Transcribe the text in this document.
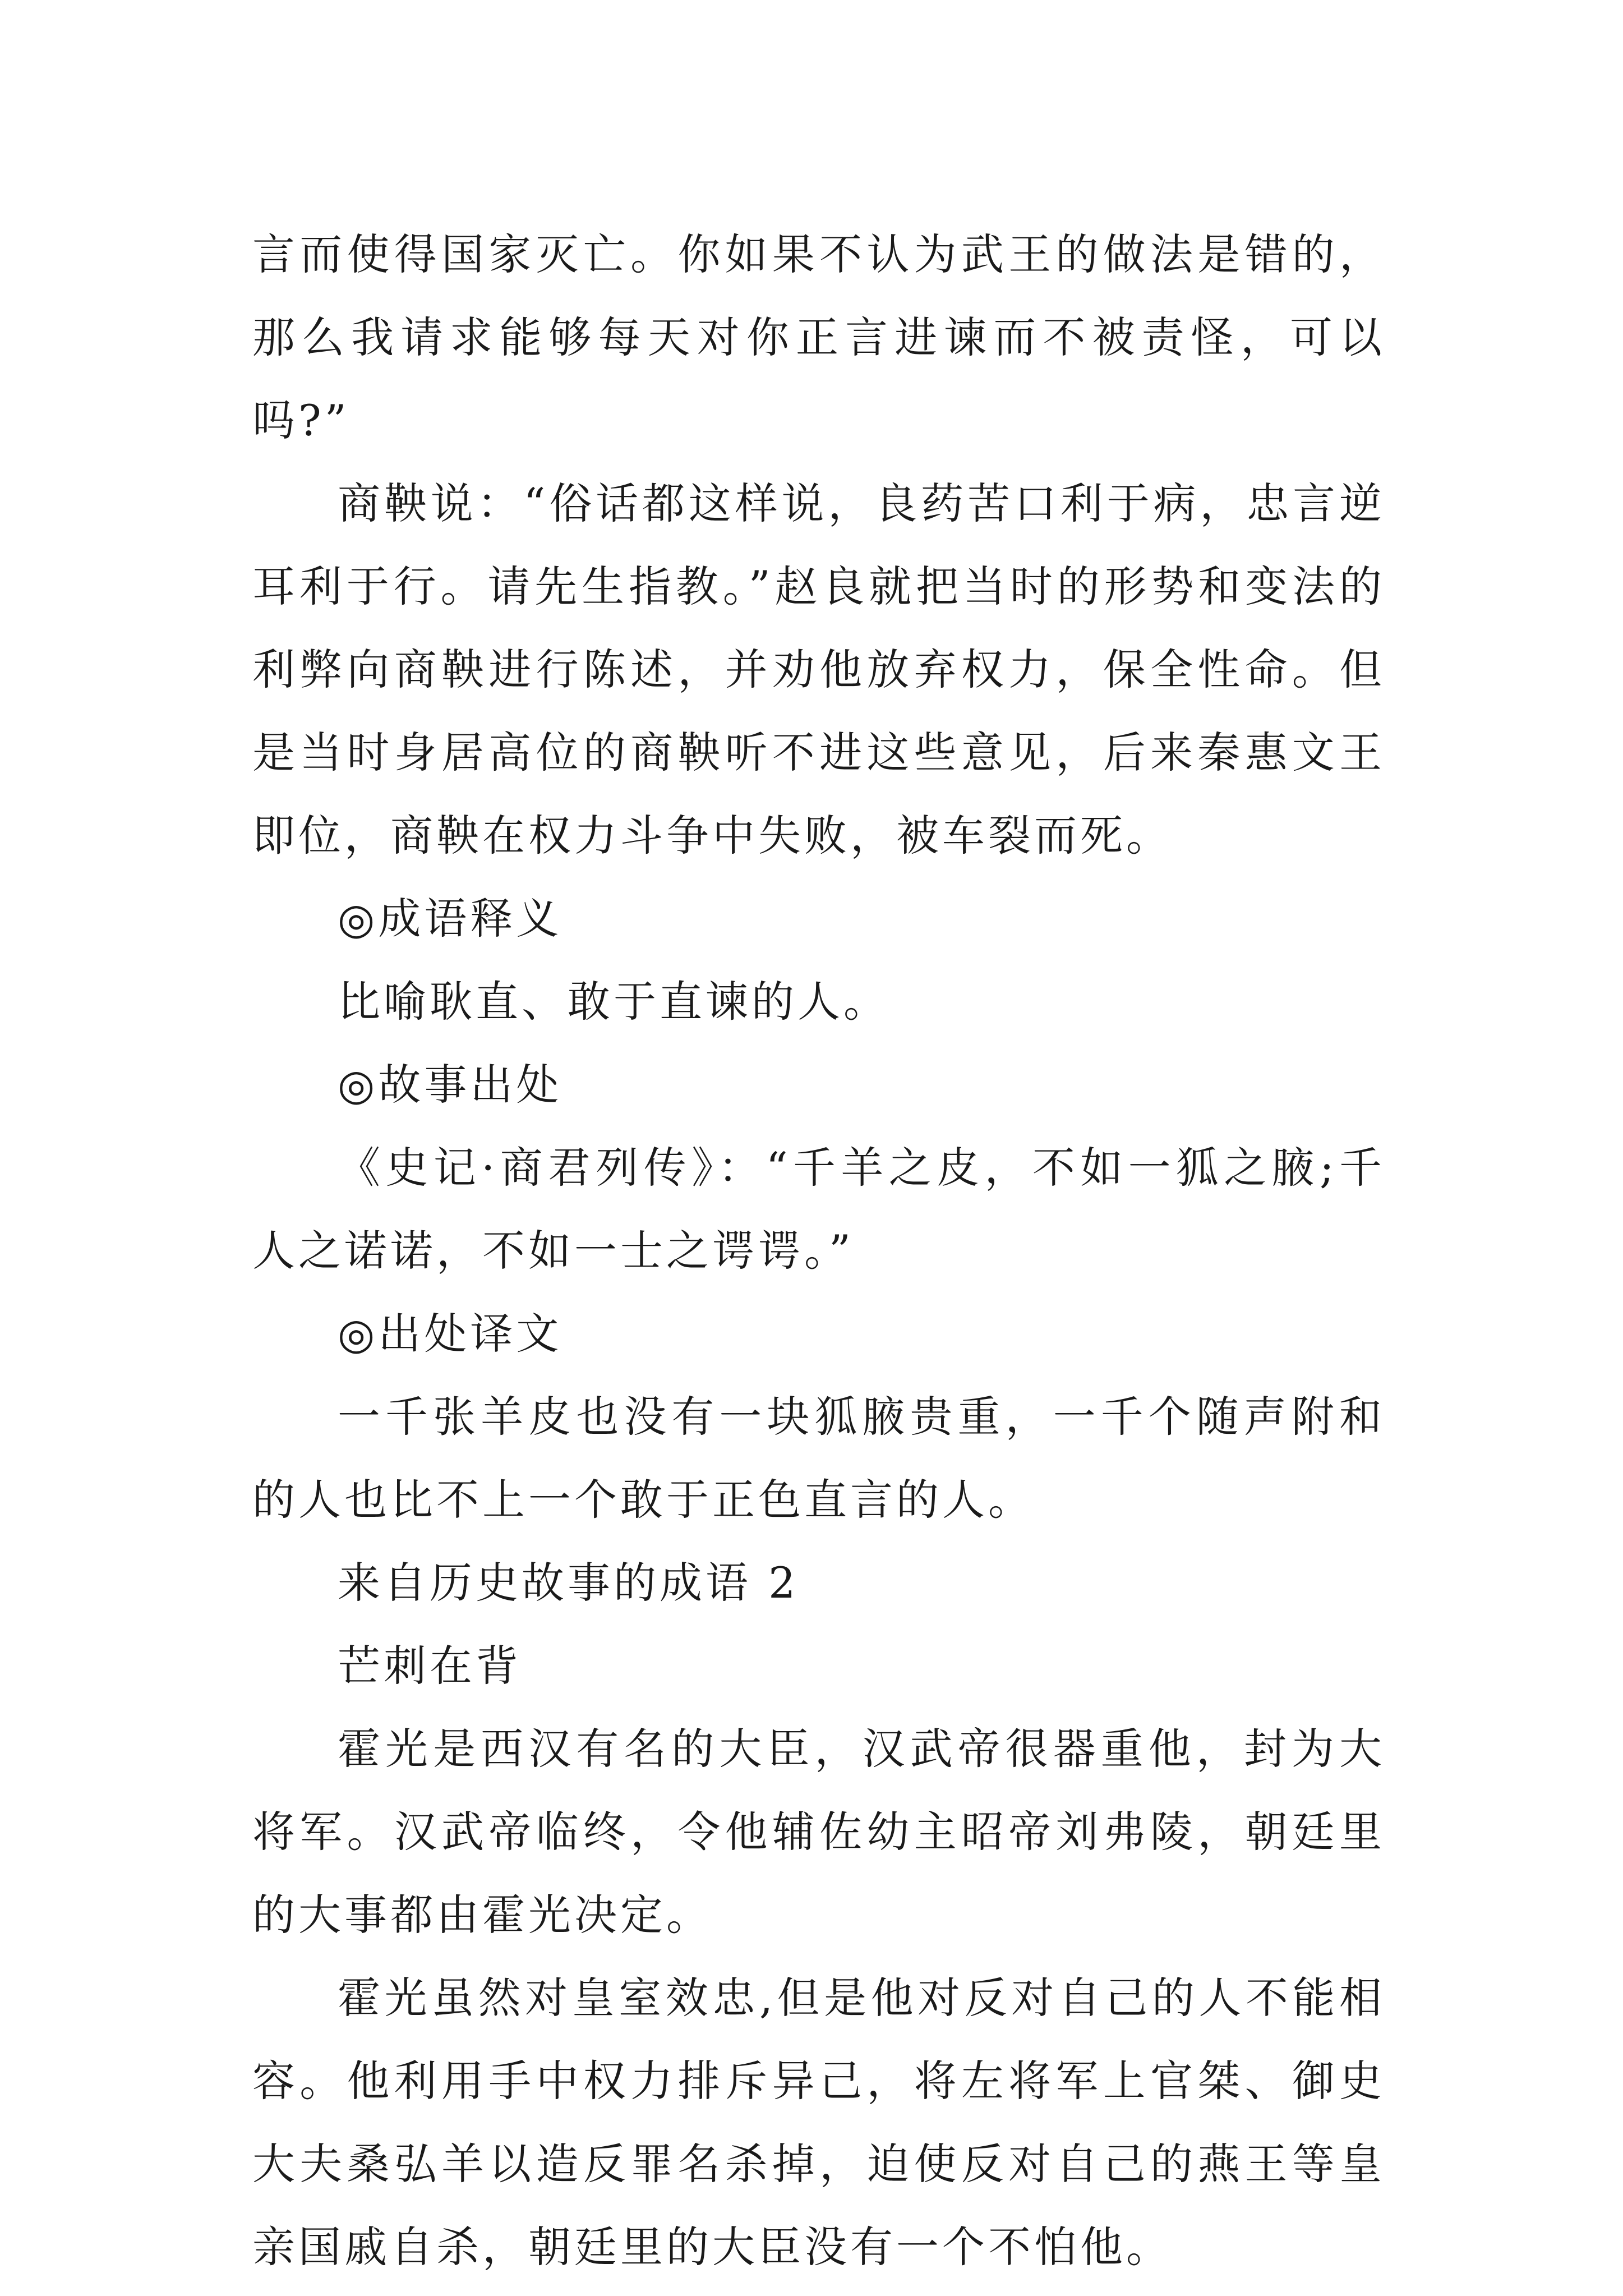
言而使得国家灭亡。你如果不认为武王的做法是错的，那么我请求能够每天对你正言进谏而不被责怪，可以吗?”

商鞅说：“俗话都这样说，良药苦口利于病，忠言逆耳利于行。请先生指教。”赵良就把当时的形势和变法的利弊向商鞅进行陈述，并劝他放弃权力，保全性命。但是当时身居高位的商鞅听不进这些意见，后来秦惠文王即位，商鞅在权力斗争中失败，被车裂而死。

◎成语释义

比喻耿直、敢于直谏的人。

◎故事出处

《史记·商君列传》：“千羊之皮，不如一狐之腋;千人之诺诺，不如一士之谔谔。”

◎出处译文

一千张羊皮也没有一块狐腋贵重，一千个随声附和的人也比不上一个敢于正色直言的人。

来自历史故事的成语 2

芒刺在背

霍光是西汉有名的大臣，汉武帝很器重他，封为大将军。汉武帝临终，令他辅佐幼主昭帝刘弗陵，朝廷里的大事都由霍光决定。

霍光虽然对皇室效忠,但是他对反对自己的人不能相容。他利用手中权力排斥异己，将左将军上官桀、御史大夫桑弘羊以造反罪名杀掉，迫使反对自己的燕王等皇亲国戚自杀，朝廷里的大臣没有一个不怕他。
